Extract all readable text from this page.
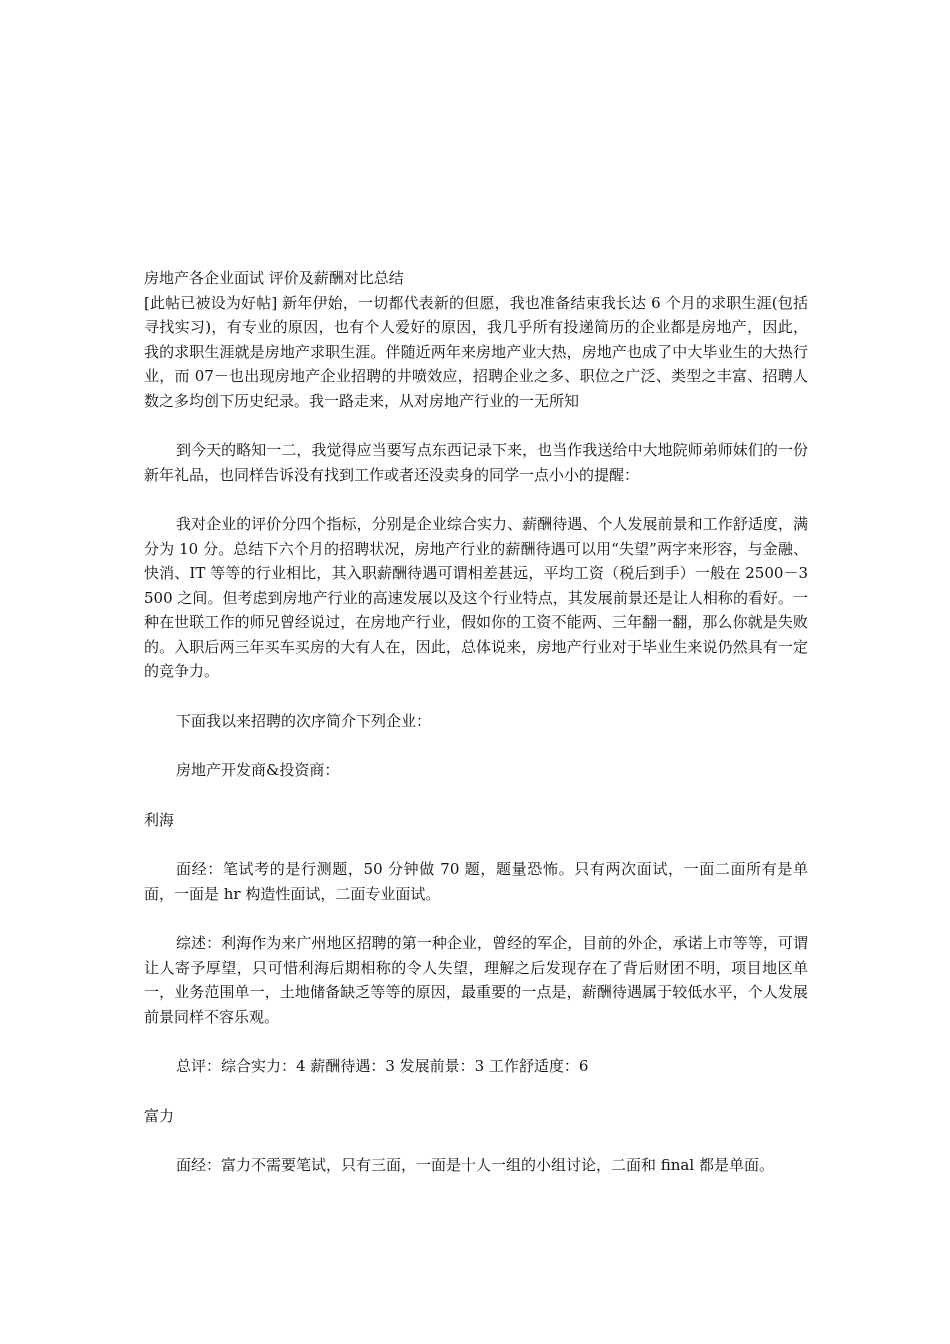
房地产各企业面试 评价及薪酬对比总结

[此帖已被设为好帖] 新年伊始，一切都代表新的但愿，我也准备结束我长达 6 个月的求职生涯(包括寻找实习)，有专业的原因，也有个人爱好的原因，我几乎所有投递简历的企业都是房地产，因此，我的求职生涯就是房地产求职生涯。伴随近两年来房地产业大热，房地产也成了中大毕业生的大热行业，而 07－也出现房地产企业招聘的井喷效应，招聘企业之多、职位之广泛、类型之丰富、招聘人数之多均创下历史纪录。我一路走来，从对房地产行业的一无所知

到今天的略知一二，我觉得应当要写点东西记录下来，也当作我送给中大地院师弟师妹们的一份新年礼品，也同样告诉没有找到工作或者还没卖身的同学一点小小的提醒：

我对企业的评价分四个指标，分别是企业综合实力、薪酬待遇、个人发展前景和工作舒适度，满分为 10 分。总结下六个月的招聘状况，房地产行业的薪酬待遇可以用“失望”两字来形容，与金融、快消、IT 等等的行业相比，其入职薪酬待遇可谓相差甚远，平均工资（税后到手）一般在 2500－3500 之间。但考虑到房地产行业的高速发展以及这个行业特点，其发展前景还是让人相称的看好。一种在世联工作的师兄曾经说过，在房地产行业，假如你的工资不能两、三年翻一翻，那么你就是失败的。入职后两三年买车买房的大有人在，因此，总体说来，房地产行业对于毕业生来说仍然具有一定的竞争力。

下面我以来招聘的次序简介下列企业：

房地产开发商&投资商：

利海

面经：笔试考的是行测题，50 分钟做 70 题，题量恐怖。只有两次面试，一面二面所有是单面，一面是 hr 构造性面试，二面专业面试。

综述：利海作为来广州地区招聘的第一种企业，曾经的军企，目前的外企，承诺上市等等，可谓让人寄予厚望，只可惜利海后期相称的令人失望，理解之后发现存在了背后财团不明，项目地区单一，业务范围单一，土地储备缺乏等等的原因，最重要的一点是，薪酬待遇属于较低水平，个人发展前景同样不容乐观。

总评：综合实力：4 薪酬待遇：3 发展前景：3 工作舒适度：6

富力

面经：富力不需要笔试，只有三面，一面是十人一组的小组讨论，二面和 final 都是单面。
